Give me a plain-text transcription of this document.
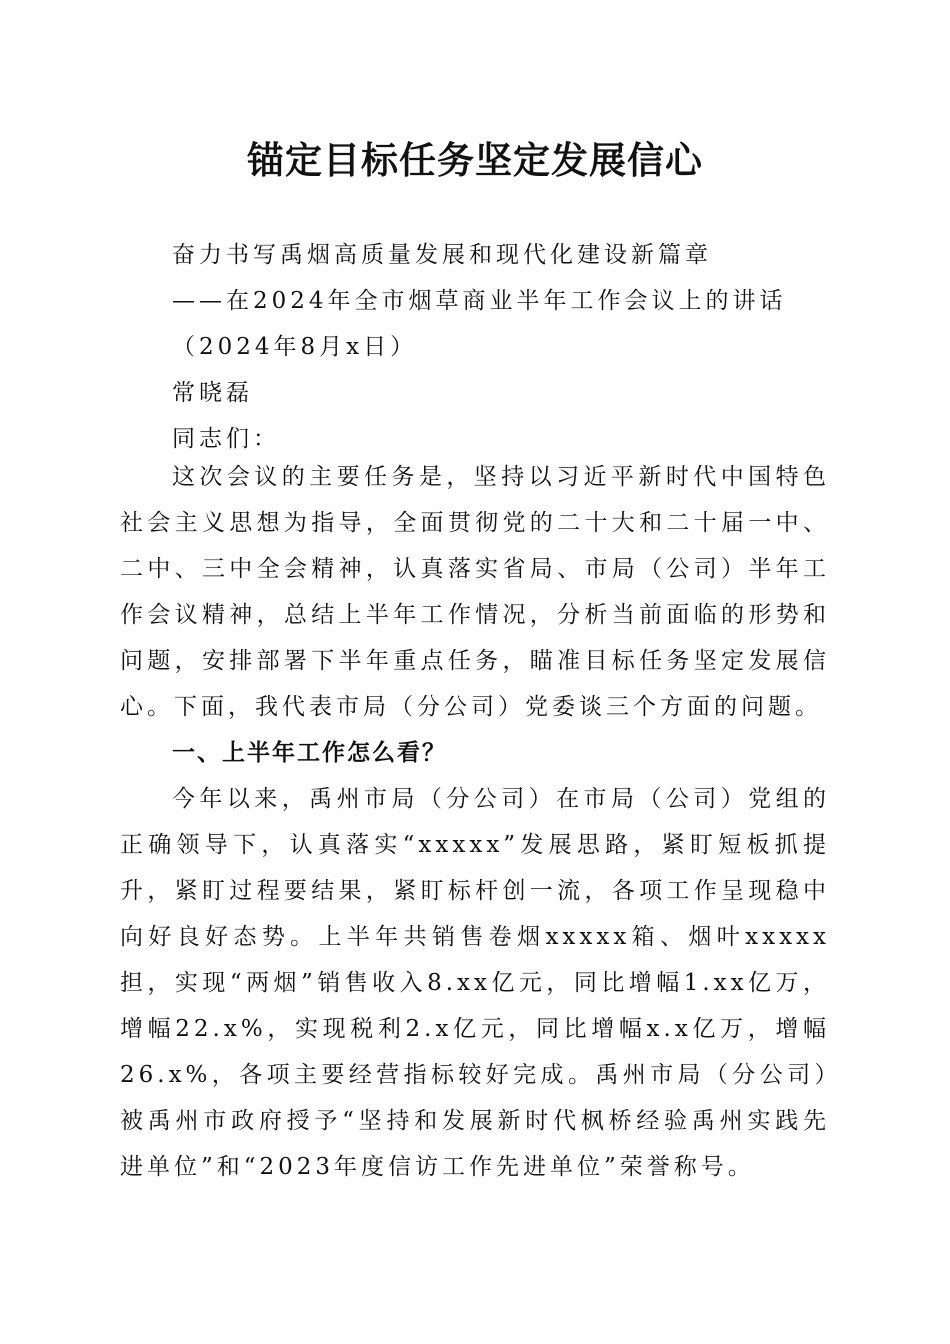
锚定目标任务坚定发展信心
奋力书写禹烟高质量发展和现代化建设新篇章
——在2024年全市烟草商业半年工作会议上的讲话
（2024年8月x日）
常晓磊
同志们：
这次会议的主要任务是，坚持以习近平新时代中国特色社会主义思想为指导，全面贯彻党的二十大和二十届一中、二中、三中全会精神，认真落实省局、市局（公司）半年工作会议精神，总结上半年工作情况，分析当前面临的形势和问题，安排部署下半年重点任务，瞄准目标任务坚定发展信心。下面，我代表市局（分公司）党委谈三个方面的问题。
一、上半年工作怎么看？
今年以来，禹州市局（分公司）在市局（公司）党组的正确领导下，认真落实“xxxxx”发展思路，紧盯短板抓提升，紧盯过程要结果，紧盯标杆创一流，各项工作呈现稳中向好良好态势。上半年共销售卷烟xxxxx箱、烟叶xxxxx担，实现“两烟”销售收入8.xx亿元，同比增幅1.xx亿万，增幅22.x%，实现税利2.x亿元，同比增幅x.x亿万，增幅26.x%，各项主要经营指标较好完成。禹州市局（分公司）被禹州市政府授予“坚持和发展新时代枫桥经验禹州实践先进单位”和“2023年度信访工作先进单位”荣誉称号。
